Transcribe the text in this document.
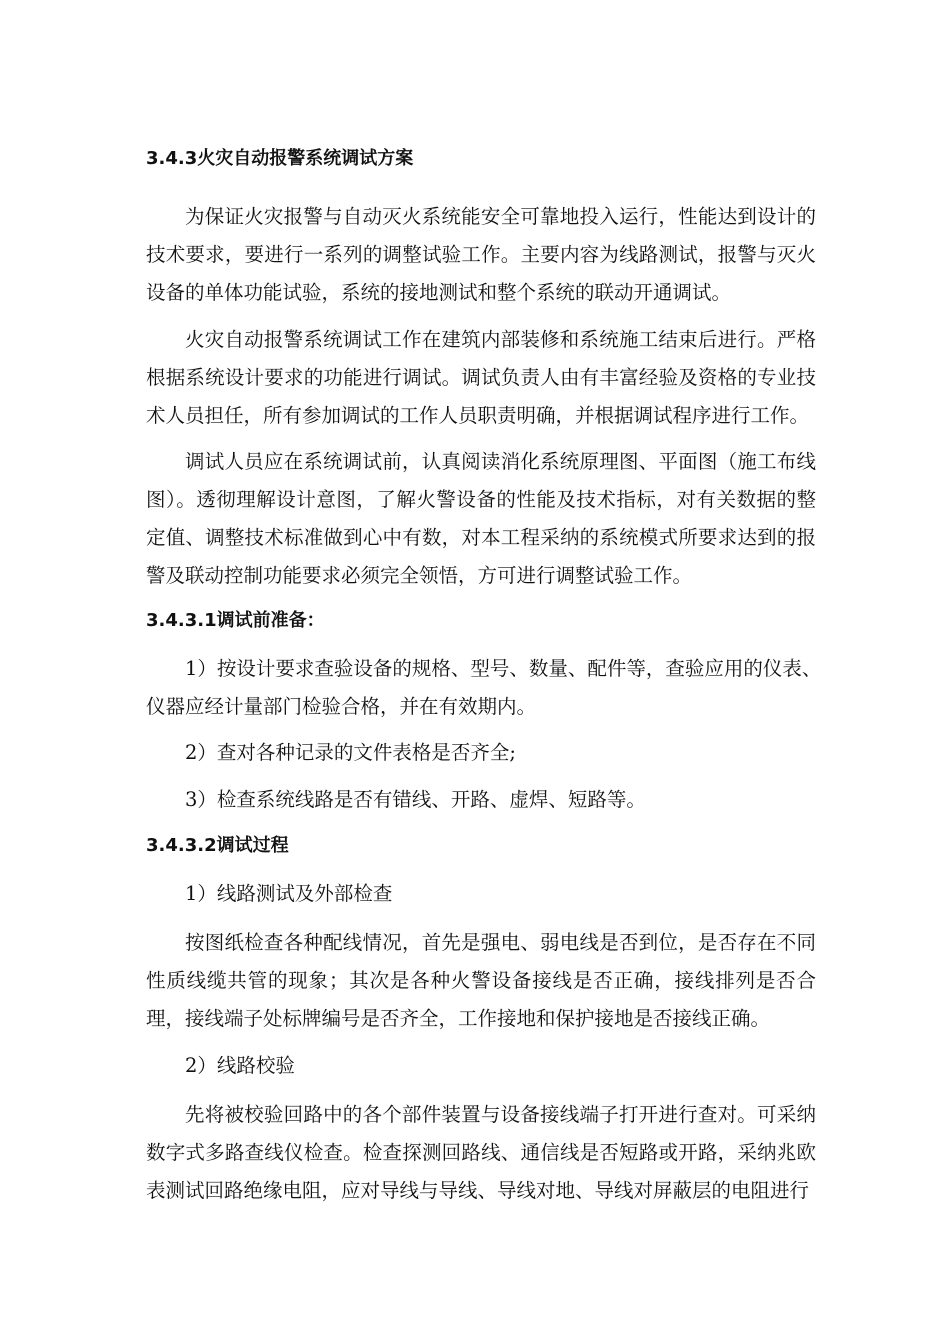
3.4.3火灾自动报警系统调试方案
为保证火灾报警与自动灭火系统能安全可靠地投入运行，性能达到设计的技术要求，要进行一系列的调整试验工作。主要内容为线路测试，报警与灭火设备的单体功能试验，系统的接地测试和整个系统的联动开通调试。
火灾自动报警系统调试工作在建筑内部装修和系统施工结束后进行。严格根据系统设计要求的功能进行调试。调试负责人由有丰富经验及资格的专业技术人员担任，所有参加调试的工作人员职责明确，并根据调试程序进行工作。
调试人员应在系统调试前，认真阅读消化系统原理图、平面图（施工布线图）。透彻理解设计意图，了解火警设备的性能及技术指标，对有关数据的整定值、调整技术标准做到心中有数，对本工程采纳的系统模式所要求达到的报警及联动控制功能要求必须完全领悟，方可进行调整试验工作。
3.4.3.1调试前准备：
1）按设计要求查验设备的规格、型号、数量、配件等，查验应用的仪表、仪器应经计量部门检验合格，并在有效期内。
2）查对各种记录的文件表格是否齐全;
3）检查系统线路是否有错线、开路、虚焊、短路等。
3.4.3.2调试过程
1）线路测试及外部检查
按图纸检查各种配线情况，首先是强电、弱电线是否到位，是否存在不同性质线缆共管的现象；其次是各种火警设备接线是否正确，接线排列是否合理，接线端子处标牌编号是否齐全，工作接地和保护接地是否接线正确。
2）线路校验
先将被校验回路中的各个部件装置与设备接线端子打开进行查对。可采纳数字式多路查线仪检查。检查探测回路线、通信线是否短路或开路，采纳兆欧表测试回路绝缘电阻，应对导线与导线、导线对地、导线对屏蔽层的电阻进行
